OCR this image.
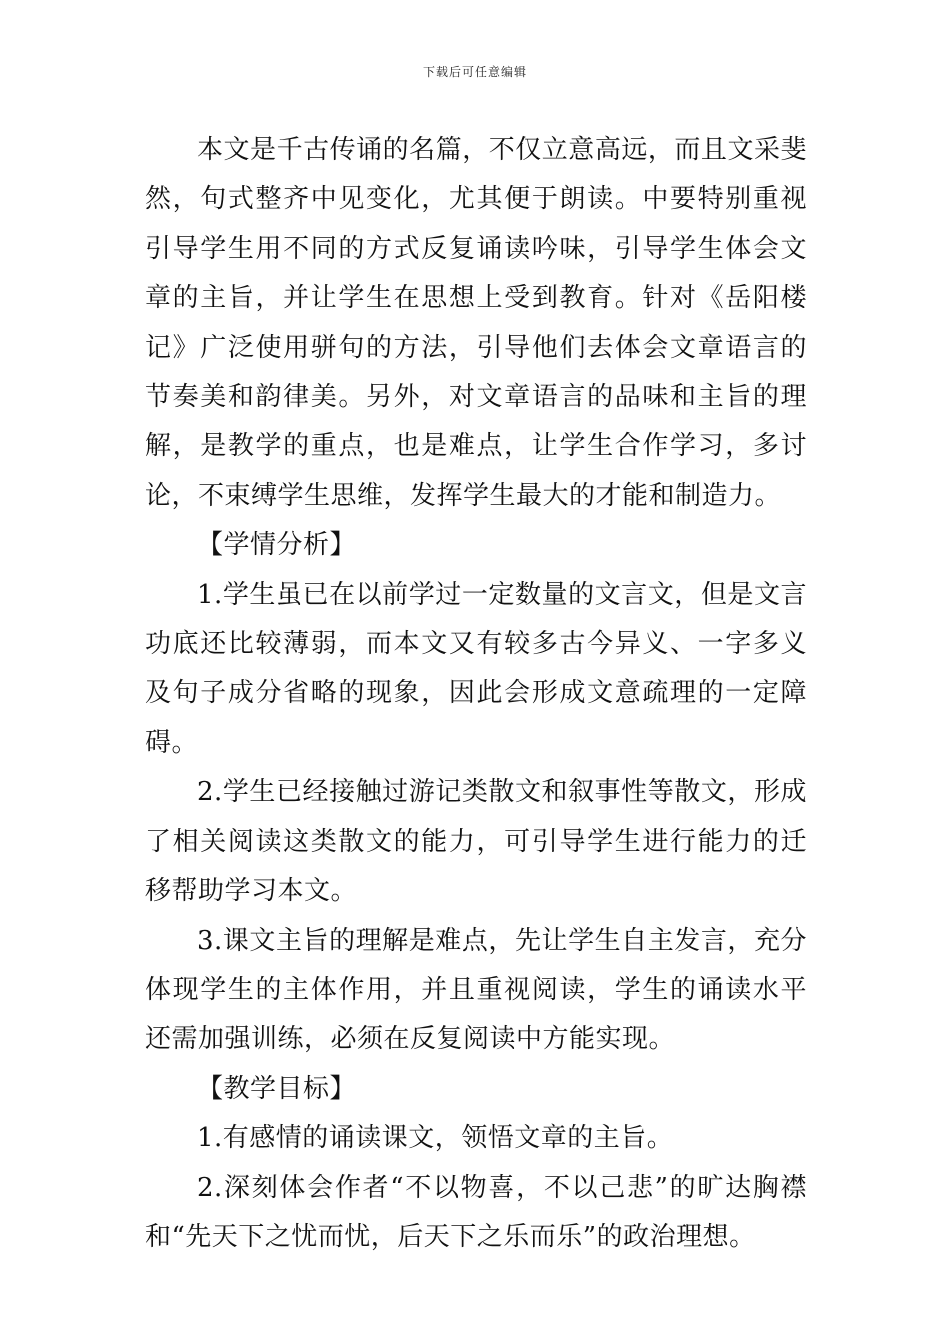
下载后可任意编辑

本文是千古传诵的名篇，不仅立意高远，而且文采斐然，句式整齐中见变化，尤其便于朗读。中要特别重视引导学生用不同的方式反复诵读吟味，引导学生体会文章的主旨，并让学生在思想上受到教育。针对《岳阳楼记》广泛使用骈句的方法，引导他们去体会文章语言的节奏美和韵律美。另外，对文章语言的品味和主旨的理解，是教学的重点，也是难点，让学生合作学习，多讨论，不束缚学生思维，发挥学生最大的才能和制造力。

【学情分析】

1.学生虽已在以前学过一定数量的文言文，但是文言功底还比较薄弱，而本文又有较多古今异义、一字多义及句子成分省略的现象，因此会形成文意疏理的一定障碍。

2.学生已经接触过游记类散文和叙事性等散文，形成了相关阅读这类散文的能力，可引导学生进行能力的迁移帮助学习本文。

3.课文主旨的理解是难点，先让学生自主发言，充分体现学生的主体作用，并且重视阅读，学生的诵读水平还需加强训练，必须在反复阅读中方能实现。

【教学目标】

1.有感情的诵读课文，领悟文章的主旨。

2.深刻体会作者“不以物喜，不以己悲”的旷达胸襟和“先天下之忧而忧，后天下之乐而乐”的政治理想。
